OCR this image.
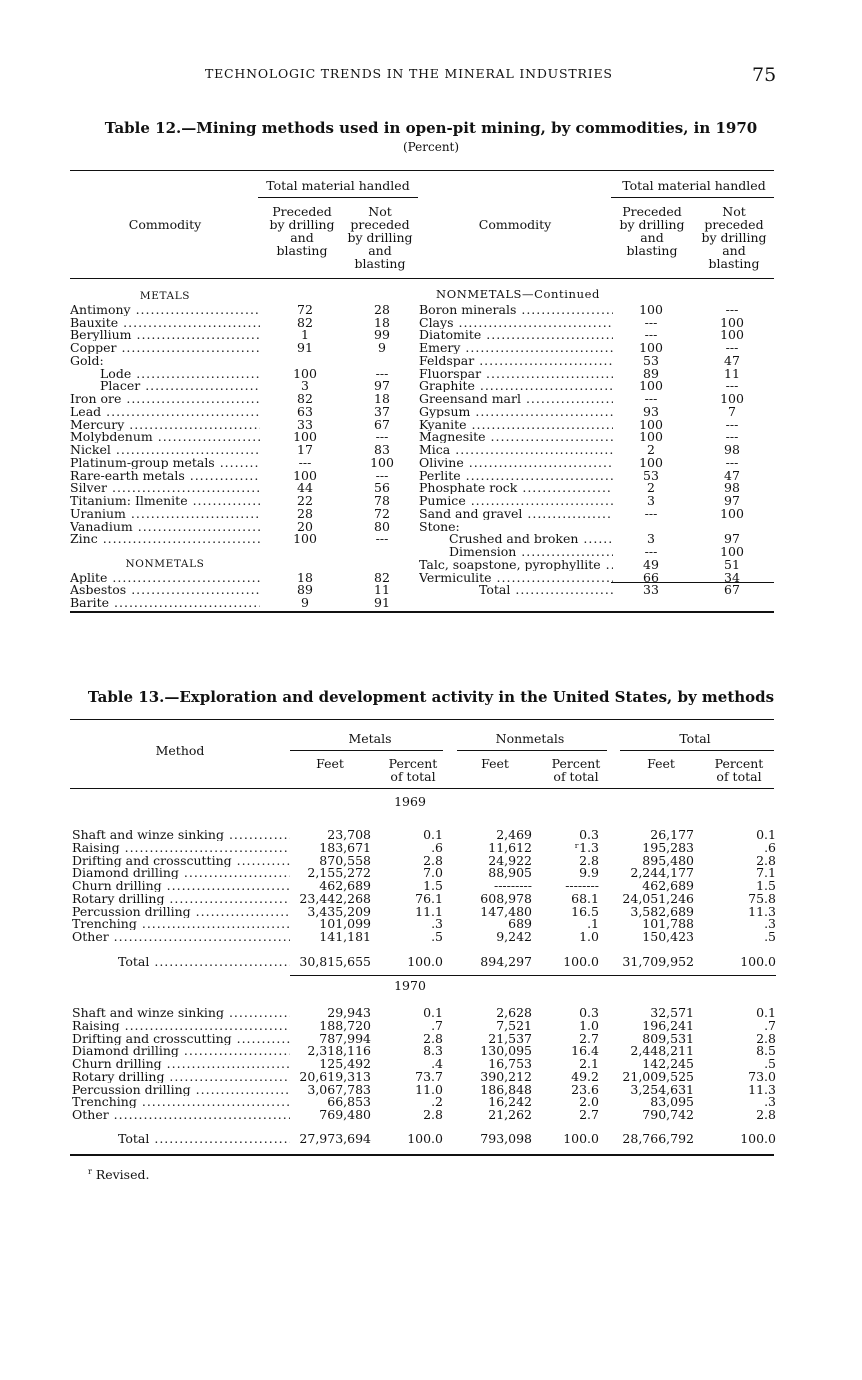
TECHNOLOGIC TRENDS IN THE MINERAL INDUSTRIES	75
Table 12.—Mining methods used in open-pit mining, by commodities, in 1970
(Percent)
Total material handled	Total material handled
Commodity	Commodity
Preceded
by drilling
and
blasting
Not
preceded
by drilling
and
blasting
Preceded
by drilling
and
blasting
Not
preceded
by drilling
and
blasting
METALS
Antimony .....	72	28
Bauxite .....	82	18
Beryllium .....	1	99
Copper .....	91	9
Gold:
Lode .....	100	---
Placer .....	3	97
Iron ore .....	82	18
Lead .....	63	37
Mercury .....	33	67
Molybdenum .....	100	---
Nickel .....	17	83
Platinum-group metals .....	---	100
Rare-earth metals .....	100	---
Silver .....	44	56
Titanium: Ilmenite .....	22	78
Uranium .....	28	72
Vanadium .....	20	80
Zinc .....	100	---
NONMETALS
Aplite .....	18	82
Asbestos .....	89	11
Barite .....	9	91
NONMETALS—Continued
Boron minerals .....	100	---
Clays .....	---	100
Diatomite .....	---	100
Emery .....	100	---
Feldspar .....	53	47
Fluorspar .....	89	11
Graphite .....	100	---
Greensand marl .....	---	100
Gypsum .....	93	7
Kyanite .....	100	---
Magnesite .....	100	---
Mica .....	2	98
Olivine .....	100	---
Perlite .....	53	47
Phosphate rock .....	2	98
Pumice .....	3	97
Sand and gravel .....	---	100
Stone:
Crushed and broken .....	3	97
Dimension .....	---	100
Talc, soapstone, pyrophyllite .....	49	51
Vermiculite .....	66	34
Total .....	33	67
Table 13.—Exploration and development activity in the United States, by methods
Method
Metals	Nonmetals	Total
Feet	Feet	Feet
Percent
of total
Percent
of total
Percent
of total
1969
Shaft and winze sinking .....	23,708	0.1	2,469	0.3	26,177	0.1
Raising .....	183,671	.6	11,612	ʳ1.3	195,283	.6
Drifting and crosscutting .....	870,558	2.8	24,922	2.8	895,480	2.8
Diamond drilling .....	2,155,272	7.0	88,905	9.9	2,244,177	7.1
Churn drilling .....	462,689	1.5	---------	--------	462,689	1.5
Rotary drilling .....	23,442,268	76.1	608,978	68.1	24,051,246	75.8
Percussion drilling .....	3,435,209	11.1	147,480	16.5	3,582,689	11.3
Trenching .....	101,099	.3	689	.1	101,788	.3
Other .....	141,181	.5	9,242	1.0	150,423	.5
Total .....	30,815,655	100.0	894,297	100.0	31,709,952	100.0
1970
Shaft and winze sinking .....	29,943	0.1	2,628	0.3	32,571	0.1
Raising .....	188,720	.7	7,521	1.0	196,241	.7
Drifting and crosscutting .....	787,994	2.8	21,537	2.7	809,531	2.8
Diamond drilling .....	2,318,116	8.3	130,095	16.4	2,448,211	8.5
Churn drilling .....	125,492	.4	16,753	2.1	142,245	.5
Rotary drilling .....	20,619,313	73.7	390,212	49.2	21,009,525	73.0
Percussion drilling .....	3,067,783	11.0	186,848	23.6	3,254,631	11.3
Trenching .....	66,853	.2	16,242	2.0	83,095	.3
Other .....	769,480	2.8	21,262	2.7	790,742	2.8
Total .....	27,973,694	100.0	793,098	100.0	28,766,792	100.0
$^r$ Revised.
